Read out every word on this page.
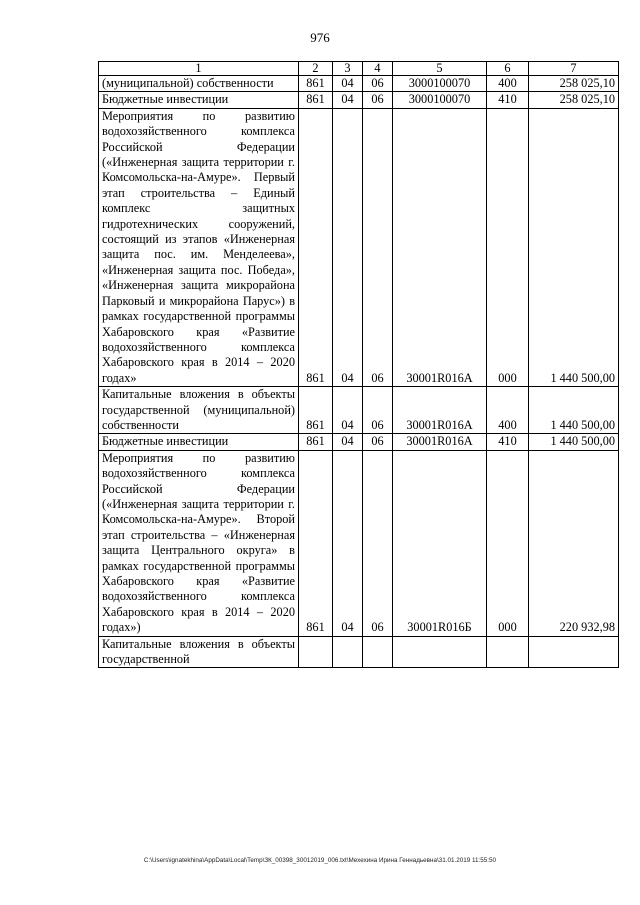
976
1	2	3	4	5	6	7
(муниципальной) собственности	861	04	06	3000100070	400	258 025,10
Бюджетные инвестиции	861	04	06	3000100070	410	258 025,10
Мероприятия по развитию водохозяйственного комплекса Российской Федерации («Инженерная защита территории г. Комсомольска-на-Амуре». Первый этап строительства – Единый комплекс защитных гидротехнических сооружений, состоящий из этапов «Инженерная защита пос. им. Менделеева», «Инженерная защита пос. Победа», «Инженерная защита микрорайона Парковый и микрорайона Парус») в рамках государственной программы Хабаровского края «Развитие водохозяйственного комплекса Хабаровского края в 2014 – 2020 годах»	861	04	06	30001R016А	000	1 440 500,00
Капитальные вложения в объекты государственной (муниципальной) собственности	861	04	06	30001R016А	400	1 440 500,00
Бюджетные инвестиции	861	04	06	30001R016А	410	1 440 500,00
Мероприятия по развитию водохозяйственного комплекса Российской Федерации («Инженерная защита территории г. Комсомольска-на-Амуре». Второй этап строительства – «Инженерная защита Центрального округа» в рамках государственной программы Хабаровского края «Развитие водохозяйственного комплекса Хабаровского края в 2014 – 2020 годах»)	861	04	06	30001R016Б	000	220 932,98
Капитальные вложения в объекты государственной						
C:\Users\ignatekhina\AppData\Local\Temp\ЗК_00398_30012019_006.txt\Мехехина Ирина Геннадьевна\31.01.2019 11:55:50
